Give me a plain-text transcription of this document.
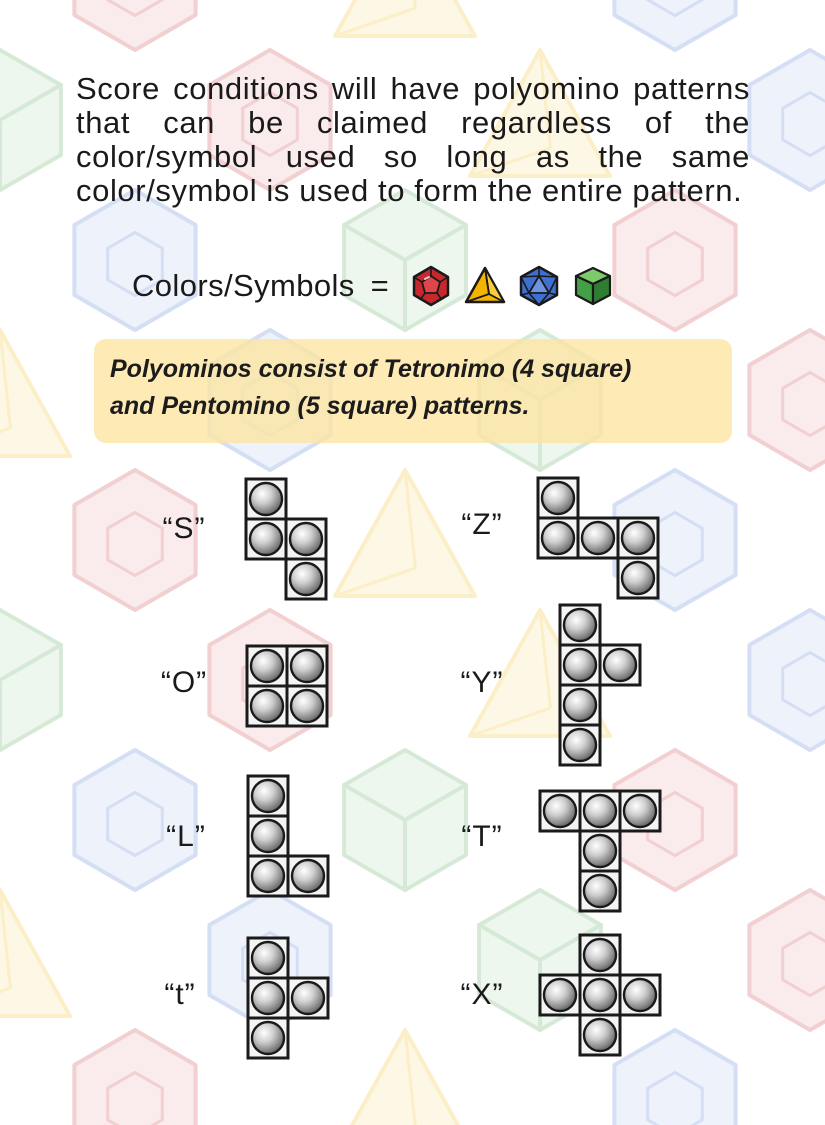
Score conditions will have polyomino patterns that can be claimed regardless of the color/symbol used so long as the same color/symbol is used to form the entire pattern.

Colors/Symbols =

Polyominos consist of Tetronimo (4 square)

and Pentomino (5 square) patterns.

“S”	“Z”
“O”	“Y”
“L”	“T”
“t”	“X”
